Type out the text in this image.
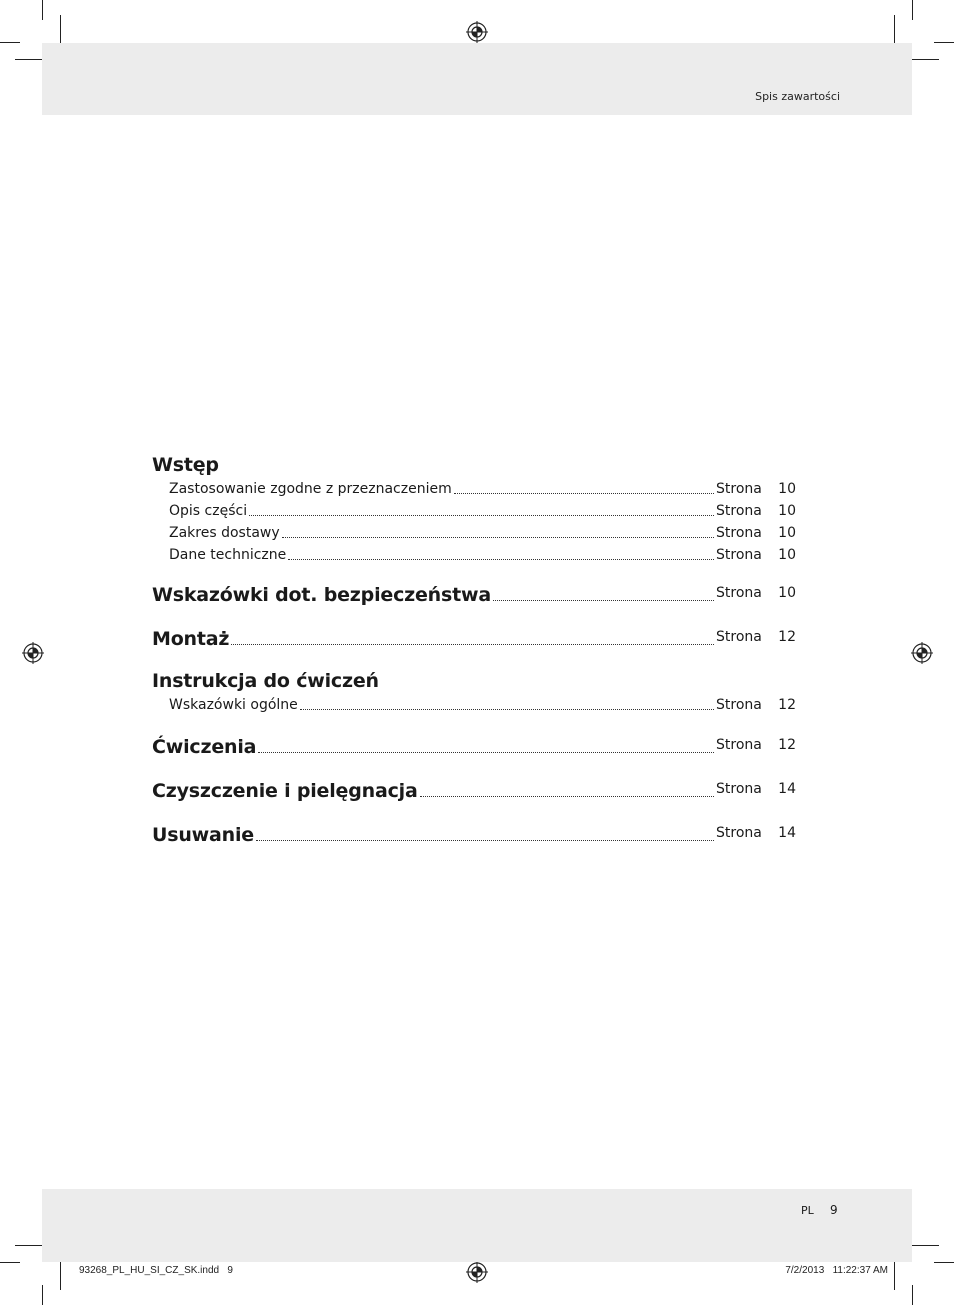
Spis zawartości
Wstęp
Zastosowanie zgodne z przeznaczeniem	Strona	10
Opis części	Strona	10
Zakres dostawy	Strona	10
Dane techniczne	Strona	10
Wskazówki dot. bezpieczeństwa	Strona	10
Montaż	Strona	12
Instrukcja do ćwiczeń
Wskazówki ogólne	Strona	12
Ćwiczenia	Strona	12
Czyszczenie i pielęgnacja	Strona	14
Usuwanie	Strona	14
PL 9
93268_PL_HU_SI_CZ_SK.indd   9	7/2/2013   11:22:37 AM
